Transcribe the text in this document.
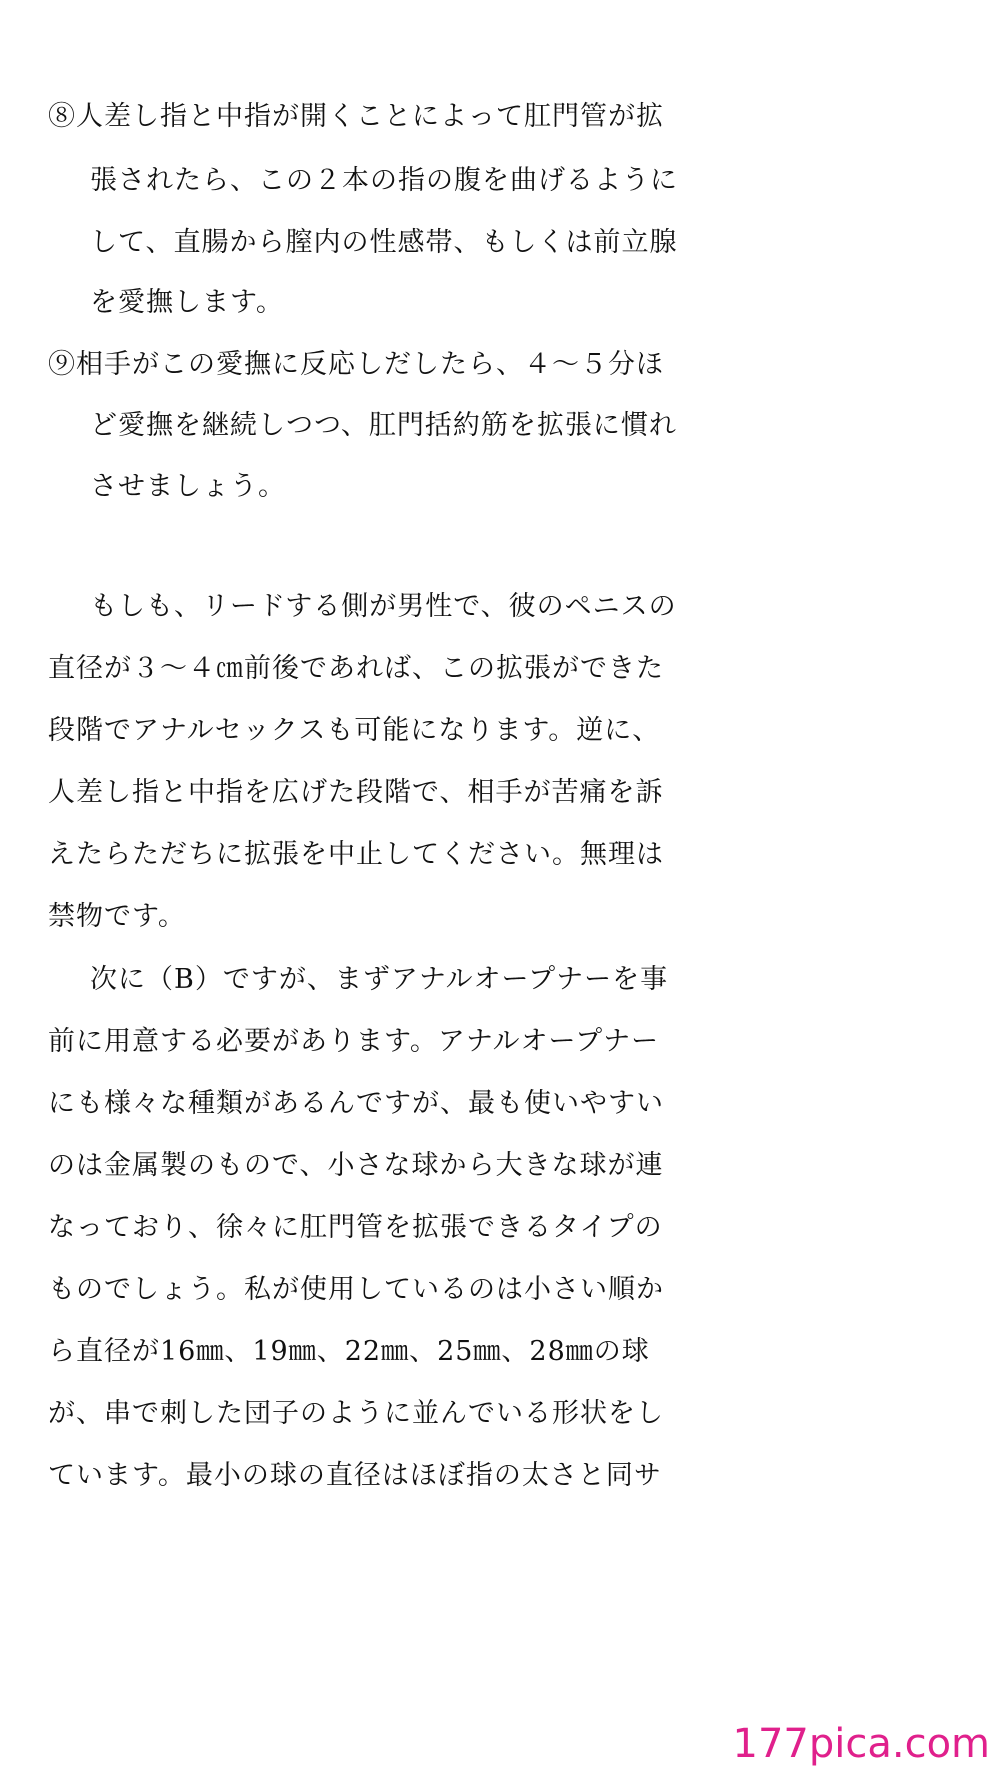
⑧人差し指と中指が開くことによって肛門管が拡
張されたら、この２本の指の腹を曲げるように
して、直腸から膣内の性感帯、もしくは前立腺
を愛撫します。
⑨相手がこの愛撫に反応しだしたら、４〜５分ほ
ど愛撫を継続しつつ、肛門括約筋を拡張に慣れ
させましょう。
もしも、リードする側が男性で、彼のペニスの
直径が３〜４㎝前後であれば、この拡張ができた
段階でアナルセックスも可能になります。逆に、
人差し指と中指を広げた段階で、相手が苦痛を訴
えたらただちに拡張を中止してください。無理は
禁物です。
次に（B）ですが、まずアナルオープナーを事
前に用意する必要があります。アナルオープナー
にも様々な種類があるんですが、最も使いやすい
のは金属製のもので、小さな球から大きな球が連
なっており、徐々に肛門管を拡張できるタイプの
ものでしょう。私が使用しているのは小さい順か
ら直径が16㎜、19㎜、22㎜、25㎜、28㎜の球
が、串で刺した団子のように並んでいる形状をし
ています。最小の球の直径はほぼ指の太さと同サ
177pica.com
